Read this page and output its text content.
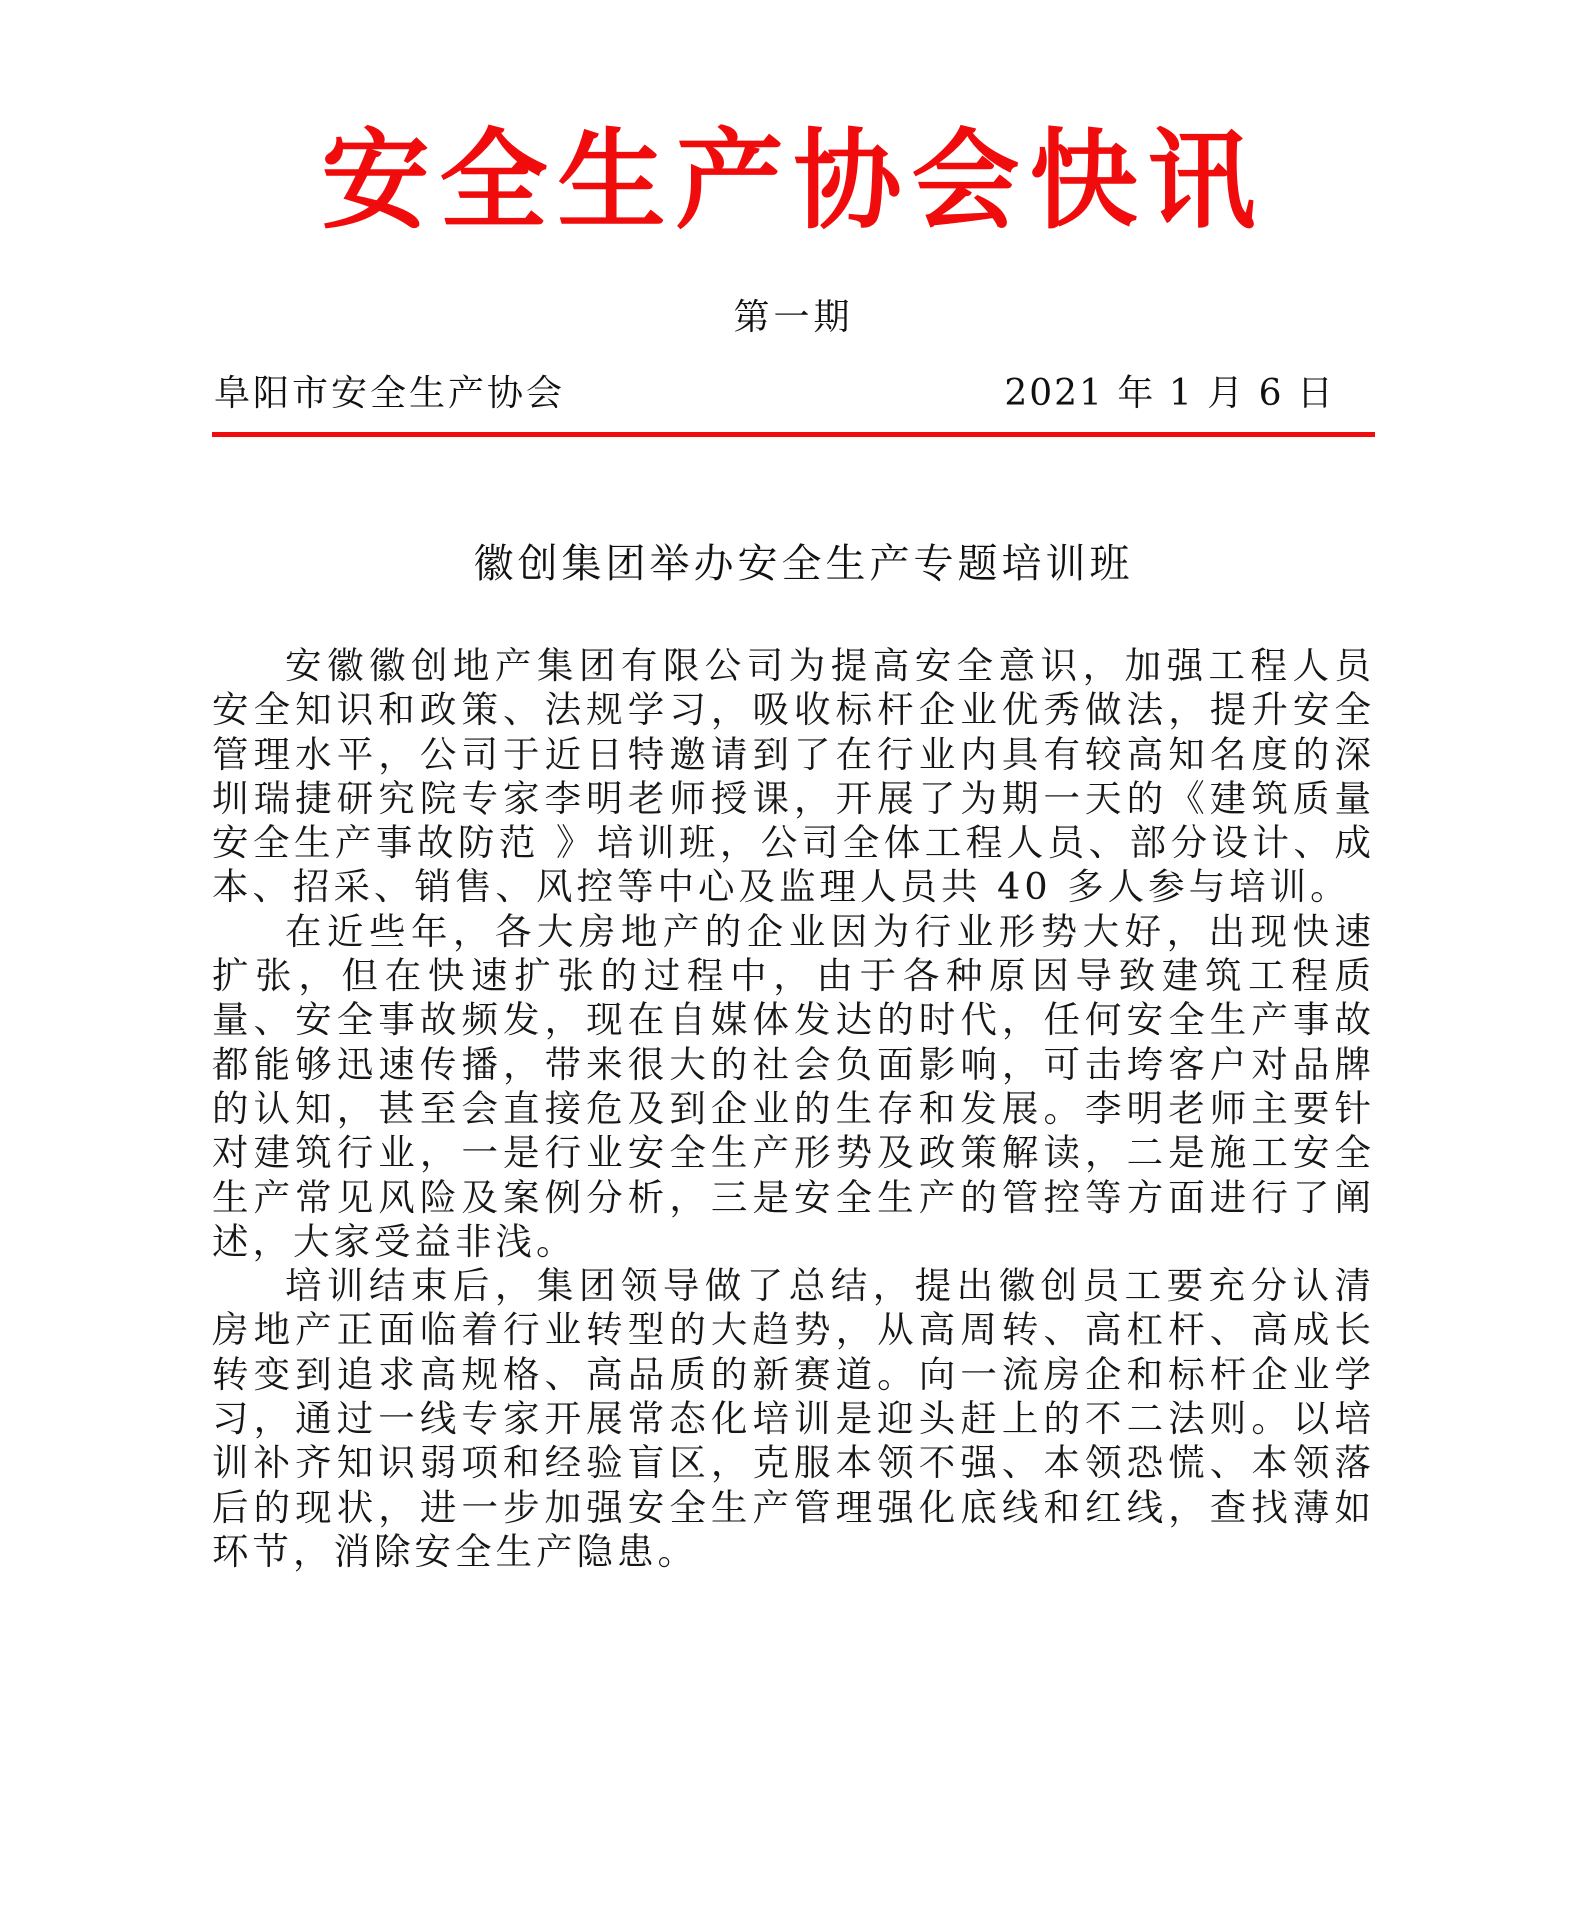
安全生产协会快讯
第一期
阜阳市安全生产协会	2021 年 1 月 6 日
徽创集团举办安全生产专题培训班

安徽徽创地产集团有限公司为提高安全意识，加强工程人员安全知识和政策、法规学习，吸收标杆企业优秀做法，提升安全管理水平，公司于近日特邀请到了在行业内具有较高知名度的深圳瑞捷研究院专家李明老师授课，开展了为期一天的《建筑质量安全生产事故防范 》培训班，公司全体工程人员、部分设计、成本、招采、销售、风控等中心及监理人员共 40 多人参与培训。

在近些年，各大房地产的企业因为行业形势大好，出现快速扩张，但在快速扩张的过程中，由于各种原因导致建筑工程质量、安全事故频发，现在自媒体发达的时代，任何安全生产事故都能够迅速传播，带来很大的社会负面影响，可击垮客户对品牌的认知，甚至会直接危及到企业的生存和发展。李明老师主要针对建筑行业，一是行业安全生产形势及政策解读，二是施工安全生产常见风险及案例分析，三是安全生产的管控等方面进行了阐述，大家受益非浅。

培训结束后，集团领导做了总结，提出徽创员工要充分认清房地产正面临着行业转型的大趋势，从高周转、高杠杆、高成长转变到追求高规格、高品质的新赛道。向一流房企和标杆企业学习，通过一线专家开展常态化培训是迎头赶上的不二法则。以培训补齐知识弱项和经验盲区，克服本领不强、本领恐慌、本领落后的现状，进一步加强安全生产管理强化底线和红线，查找薄如环节，消除安全生产隐患。
